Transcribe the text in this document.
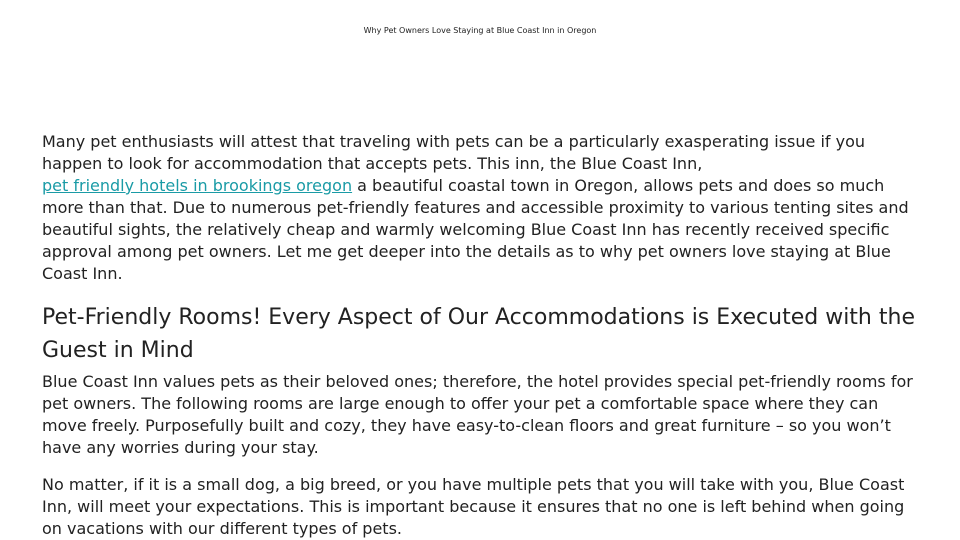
Why Pet Owners Love Staying at Blue Coast Inn in Oregon

Many pet enthusiasts will attest that traveling with pets can be a particularly exasperating issue if you happen to look for accommodation that accepts pets. This inn, the Blue Coast Inn,
pet friendly hotels in brookings oregon a beautiful coastal town in Oregon, allows pets and does so much more than that. Due to numerous pet-friendly features and accessible proximity to various tenting sites and beautiful sights, the relatively cheap and warmly welcoming Blue Coast Inn has recently received specific approval among pet owners. Let me get deeper into the details as to why pet owners love staying at Blue Coast Inn.

Pet-Friendly Rooms! Every Aspect of Our Accommodations is Executed with the Guest in Mind

Blue Coast Inn values pets as their beloved ones; therefore, the hotel provides special pet-friendly rooms for pet owners. The following rooms are large enough to offer your pet a comfortable space where they can move freely. Purposefully built and cozy, they have easy-to-clean floors and great furniture – so you won’t have any worries during your stay.

No matter, if it is a small dog, a big breed, or you have multiple pets that you will take with you, Blue Coast Inn, will meet your expectations. This is important because it ensures that no one is left behind when going on vacations with our different types of pets.
